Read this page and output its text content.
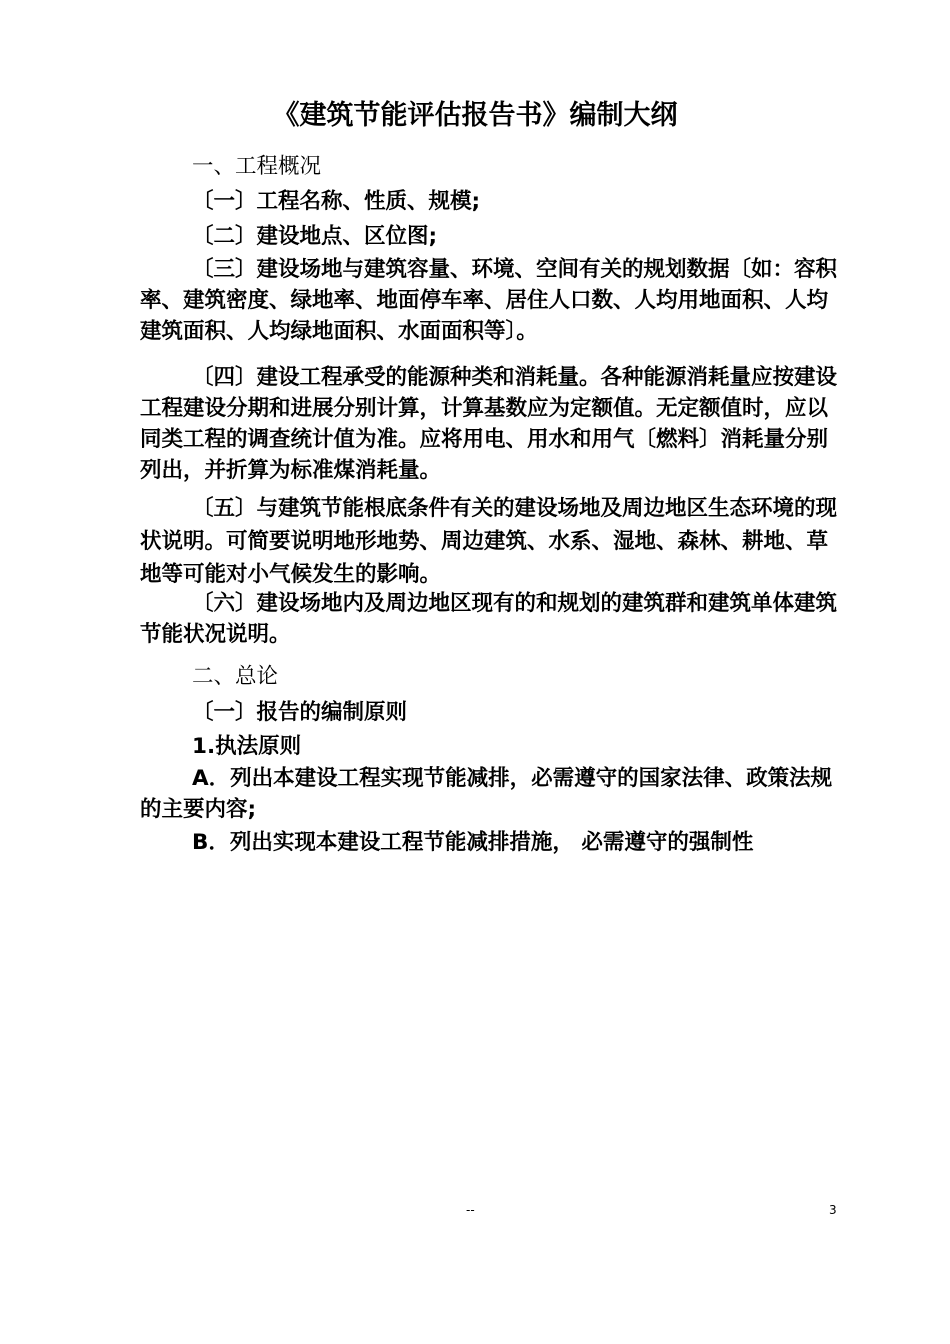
《建筑节能评估报告书》编制大纲

一、工程概况

〔一〕工程名称、性质、规模;

〔二〕建设地点、区位图;

〔三〕建设场地与建筑容量、环境、空间有关的规划数据〔如：容积率、建筑密度、绿地率、地面停车率、居住人口数、人均用地面积、人均建筑面积、人均绿地面积、水面面积等〕。

〔四〕建设工程承受的能源种类和消耗量。各种能源消耗量应按建设工程建设分期和进展分别计算，计算基数应为定额值。无定额值时，应以同类工程的调查统计值为准。应将用电、用水和用气〔燃料〕消耗量分别列出，并折算为标准煤消耗量。

〔五〕与建筑节能根底条件有关的建设场地及周边地区生态环境的现状说明。可简要说明地形地势、周边建筑、水系、湿地、森林、耕地、草地等可能对小气候发生的影响。

〔六〕建设场地内及周边地区现有的和规划的建筑群和建筑单体建筑节能状况说明。

二、总论

〔一〕报告的编制原则

1.执法原则

A．列出本建设工程实现节能减排，必需遵守的国家法律、政策法规的主要内容;

B．列出实现本建设工程节能减排措施， 必需遵守的强制性

--	3
